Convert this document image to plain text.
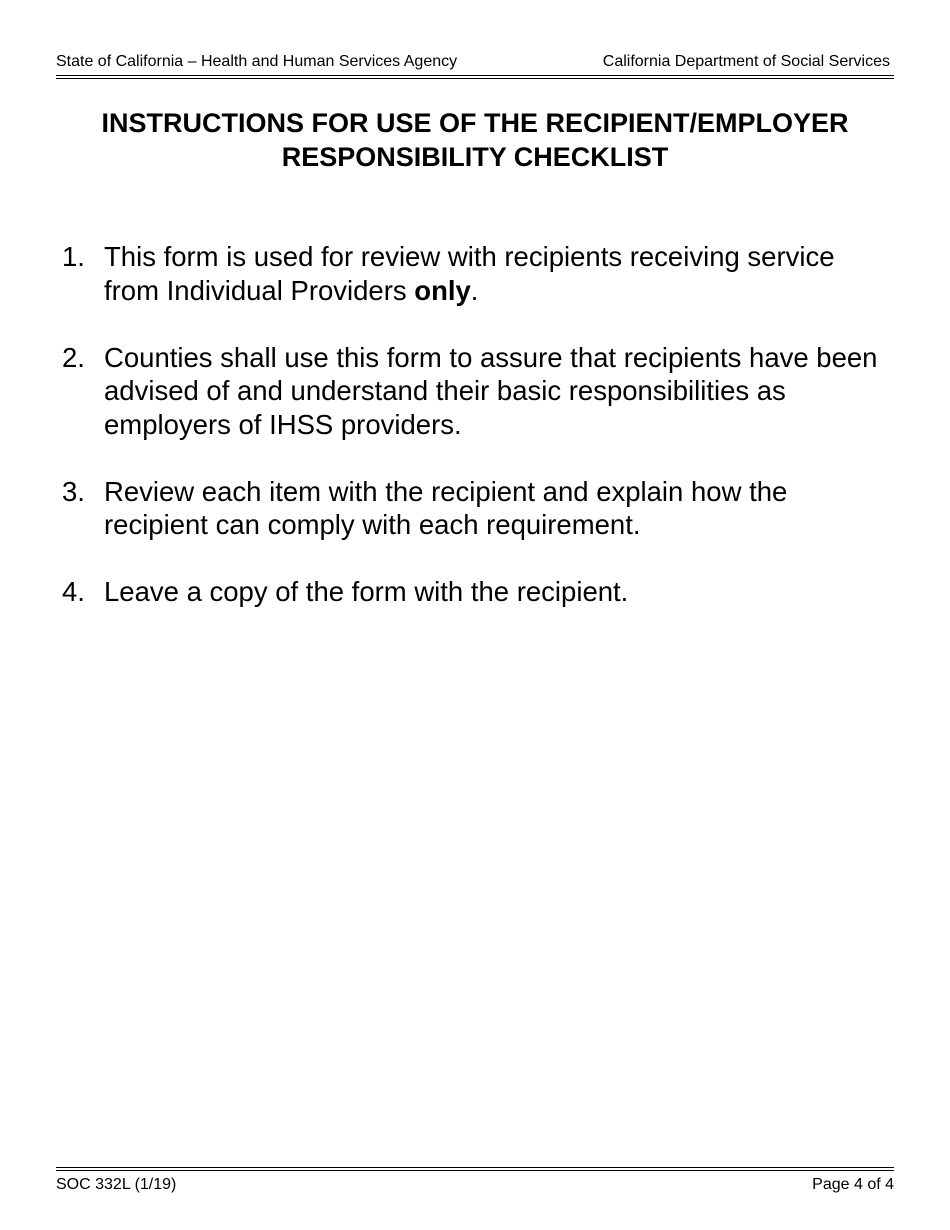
State of California – Health and Human Services Agency	California Department of Social Services
INSTRUCTIONS FOR USE OF THE RECIPIENT/EMPLOYER
RESPONSIBILITY CHECKLIST
1. This form is used for review with recipients receiving service from Individual Providers only.
2. Counties shall use this form to assure that recipients have been advised of and understand their basic responsibilities as employers of IHSS providers.
3. Review each item with the recipient and explain how the recipient can comply with each requirement.
4. Leave a copy of the form with the recipient.
SOC 332L (1/19)	Page 4 of 4
